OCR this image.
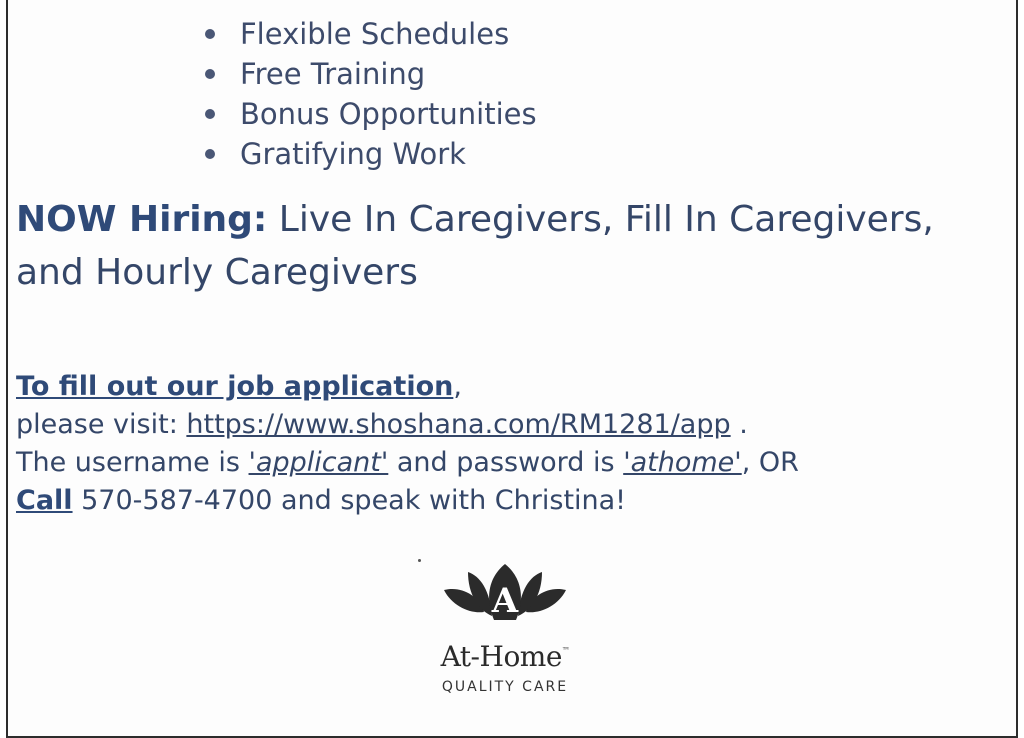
Flexible Schedules
Free Training
Bonus Opportunities
Gratifying Work
NOW Hiring: Live In Caregivers, Fill In Caregivers, and Hourly Caregivers
To fill out our job application,
please visit: https://www.shoshana.com/RM1281/app .
The username is 'applicant' and password is 'athome', OR
Call 570-587-4700 and speak with Christina!
A
At-Home™
QUALITY CARE
